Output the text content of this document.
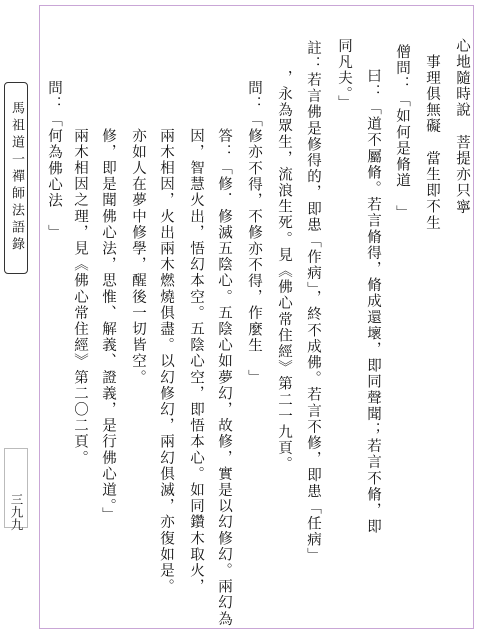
馬祖道一禪師法語錄
三九九
心地隨時說　菩提亦只寧
事理俱無礙　當生即不生
僧問：「如何是脩道　」
曰：「道不屬脩。若言脩得，脩成還壞，即同聲聞；若言不脩，即
同凡夫。」
註：若言佛是修得的，即患「作病」，終不成佛。若言不修，即患「任病」
，永為眾生，流浪生死。見《佛心常住經》第二一九頁。
問：「修亦不得，不修亦不得，作麼生　」
答：「修．修滅五陰心。五陰心如夢幻，故修，實是以幻修幻。兩幻為
因，智慧火出，悟幻本空。五陰心空，即悟本心。如同鑽木取火，
兩木相因，火出兩木燃燒俱盡。以幻修幻，兩幻俱滅，亦復如是。
亦如人在夢中修學，醒後一切皆空。
修，即是聞佛心法，思惟、解義、證義，是行佛心道。」
兩木相因之理，見《佛心常住經》第二〇二頁。
問：「何為佛心法　」
